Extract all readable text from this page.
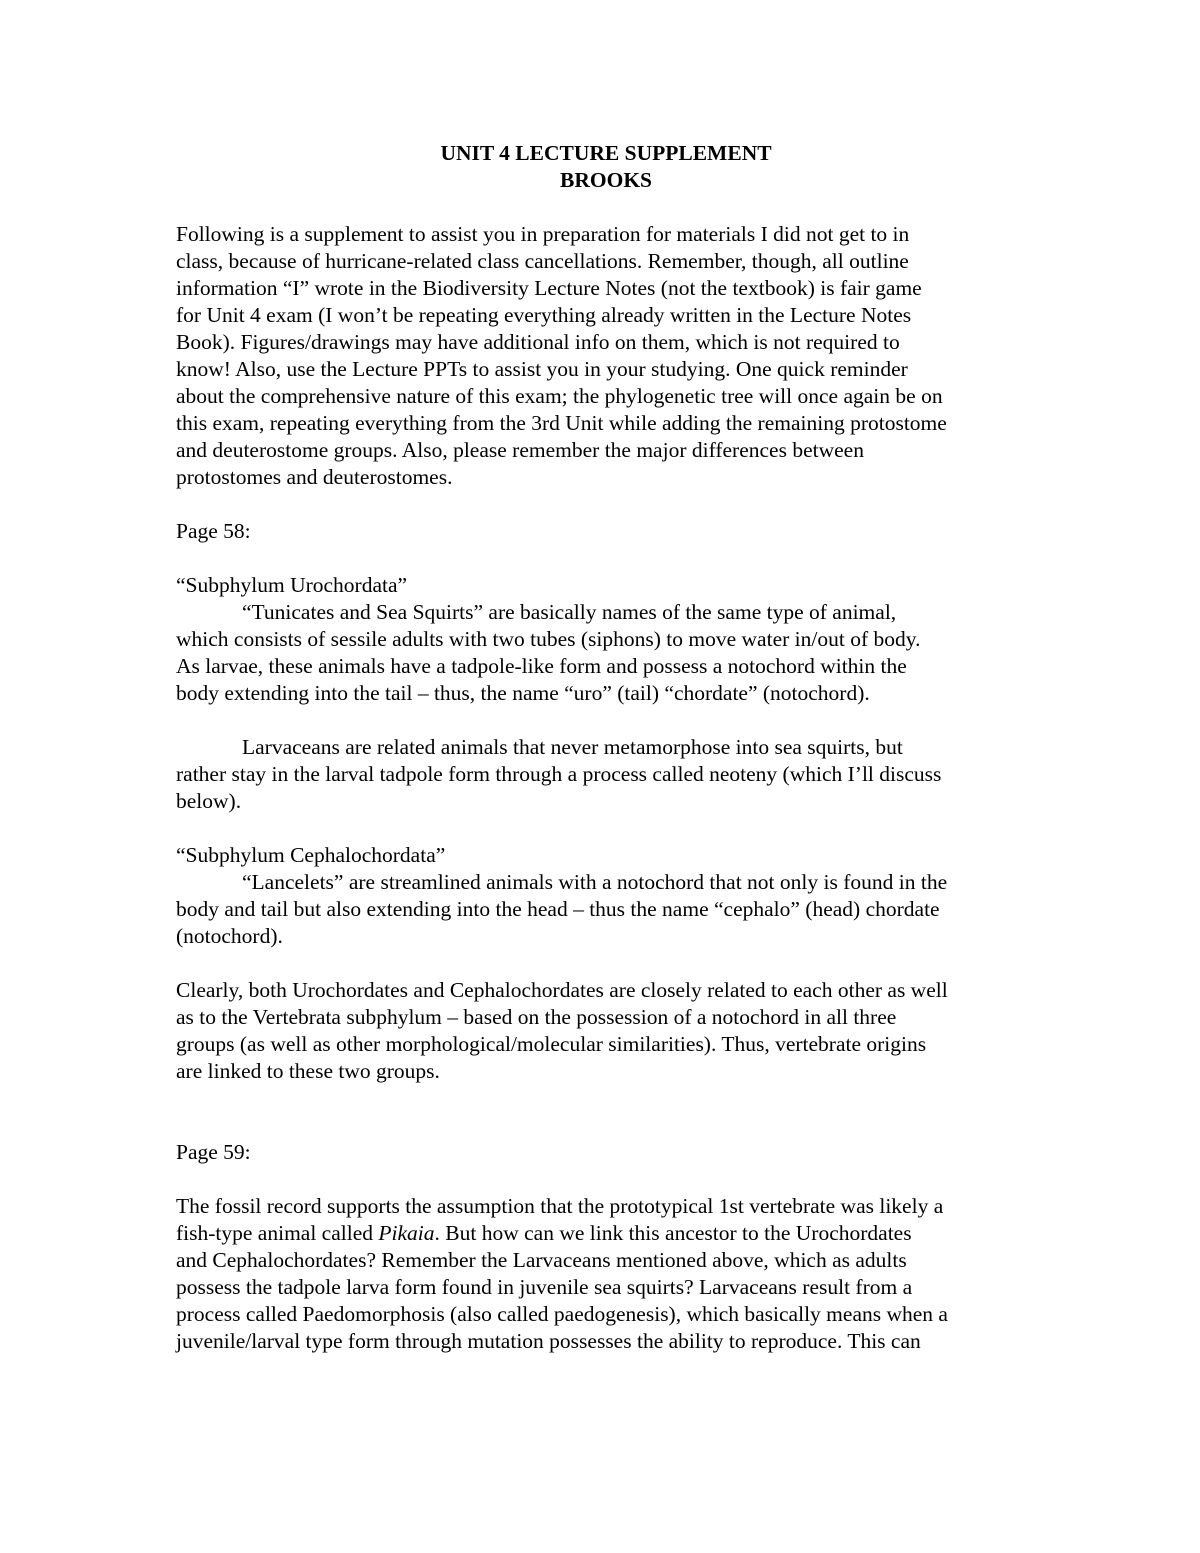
UNIT 4 LECTURE SUPPLEMENT

BROOKS

Following is a supplement to assist you in preparation for materials I did not get to in
class, because of hurricane-related class cancellations. Remember, though, all outline
information “I” wrote in the Biodiversity Lecture Notes (not the textbook) is fair game
for Unit 4 exam (I won’t be repeating everything already written in the Lecture Notes
Book). Figures/drawings may have additional info on them, which is not required to
know! Also, use the Lecture PPTs to assist you in your studying. One quick reminder
about the comprehensive nature of this exam; the phylogenetic tree will once again be on
this exam, repeating everything from the 3rd Unit while adding the remaining protostome
and deuterostome groups. Also, please remember the major differences between
protostomes and deuterostomes.

Page 58:

“Subphylum Urochordata”

“Tunicates and Sea Squirts” are basically names of the same type of animal,
which consists of sessile adults with two tubes (siphons) to move water in/out of body.
As larvae, these animals have a tadpole-like form and possess a notochord within the
body extending into the tail – thus, the name “uro” (tail) “chordate” (notochord).

Larvaceans are related animals that never metamorphose into sea squirts, but
rather stay in the larval tadpole form through a process called neoteny (which I’ll discuss
below).

“Subphylum Cephalochordata”

“Lancelets” are streamlined animals with a notochord that not only is found in the
body and tail but also extending into the head – thus the name “cephalo” (head) chordate
(notochord).

Clearly, both Urochordates and Cephalochordates are closely related to each other as well
as to the Vertebrata subphylum – based on the possession of a notochord in all three
groups (as well as other morphological/molecular similarities). Thus, vertebrate origins
are linked to these two groups.

Page 59:

The fossil record supports the assumption that the prototypical 1st vertebrate was likely a
fish-type animal called Pikaia. But how can we link this ancestor to the Urochordates
and Cephalochordates? Remember the Larvaceans mentioned above, which as adults
possess the tadpole larva form found in juvenile sea squirts? Larvaceans result from a
process called Paedomorphosis (also called paedogenesis), which basically means when a
juvenile/larval type form through mutation possesses the ability to reproduce. This can
